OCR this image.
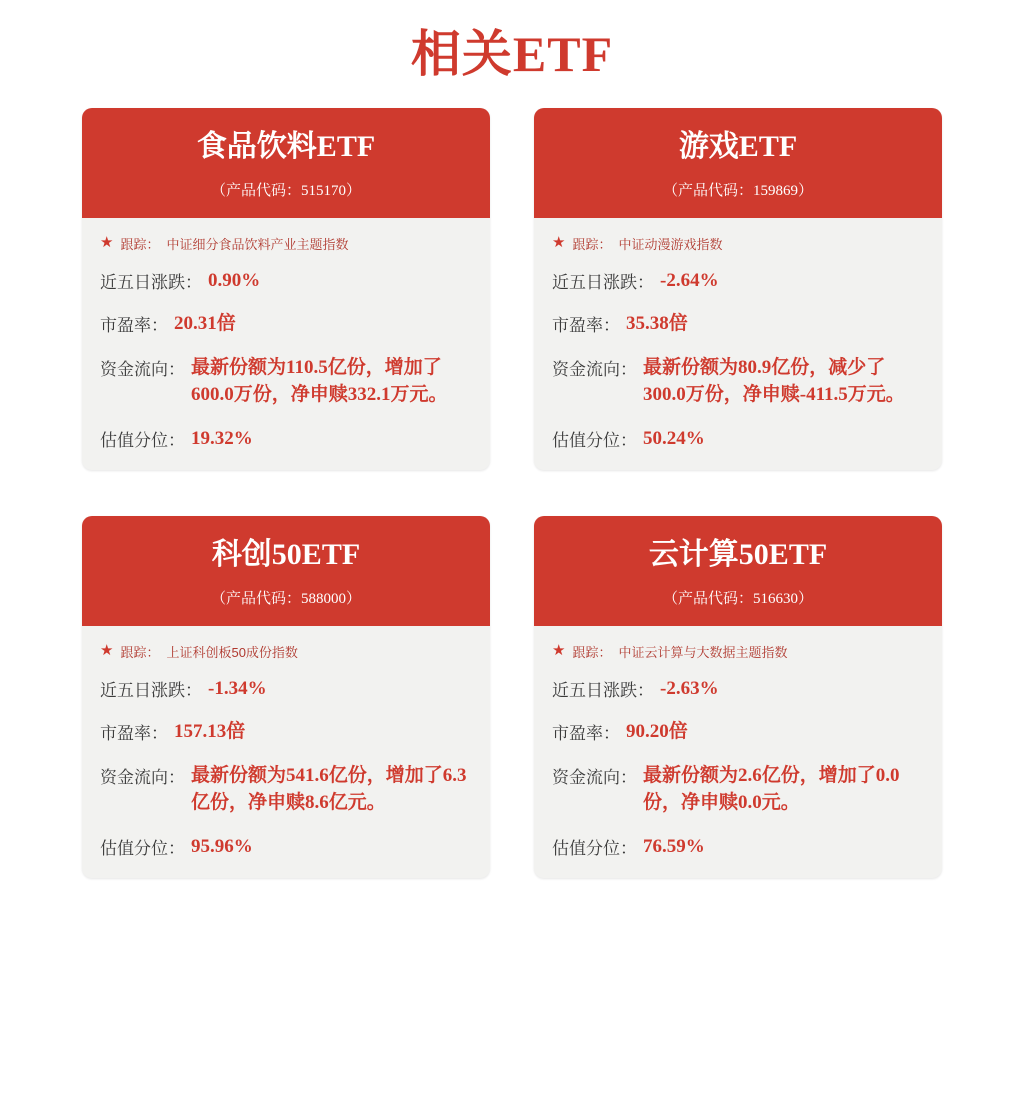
相关ETF
食品饮料ETF
（产品代码：515170）
★ 跟踪： 中证细分食品饮料产业主题指数
近五日涨跌： 0.90%
市盈率： 20.31倍
资金流向： 最新份额为110.5亿份，增加了600.0万份，净申赎332.1万元。
估值分位： 19.32%
游戏ETF
（产品代码：159869）
★ 跟踪： 中证动漫游戏指数
近五日涨跌： -2.64%
市盈率： 35.38倍
资金流向： 最新份额为80.9亿份，减少了300.0万份，净申赎-411.5万元。
估值分位： 50.24%
科创50ETF
（产品代码：588000）
★ 跟踪： 上证科创板50成份指数
近五日涨跌： -1.34%
市盈率： 157.13倍
资金流向： 最新份额为541.6亿份，增加了6.3亿份，净申赎8.6亿元。
估值分位： 95.96%
云计算50ETF
（产品代码：516630）
★ 跟踪： 中证云计算与大数据主题指数
近五日涨跌： -2.63%
市盈率： 90.20倍
资金流向： 最新份额为2.6亿份，增加了0.0份，净申赎0.0元。
估值分位： 76.59%
